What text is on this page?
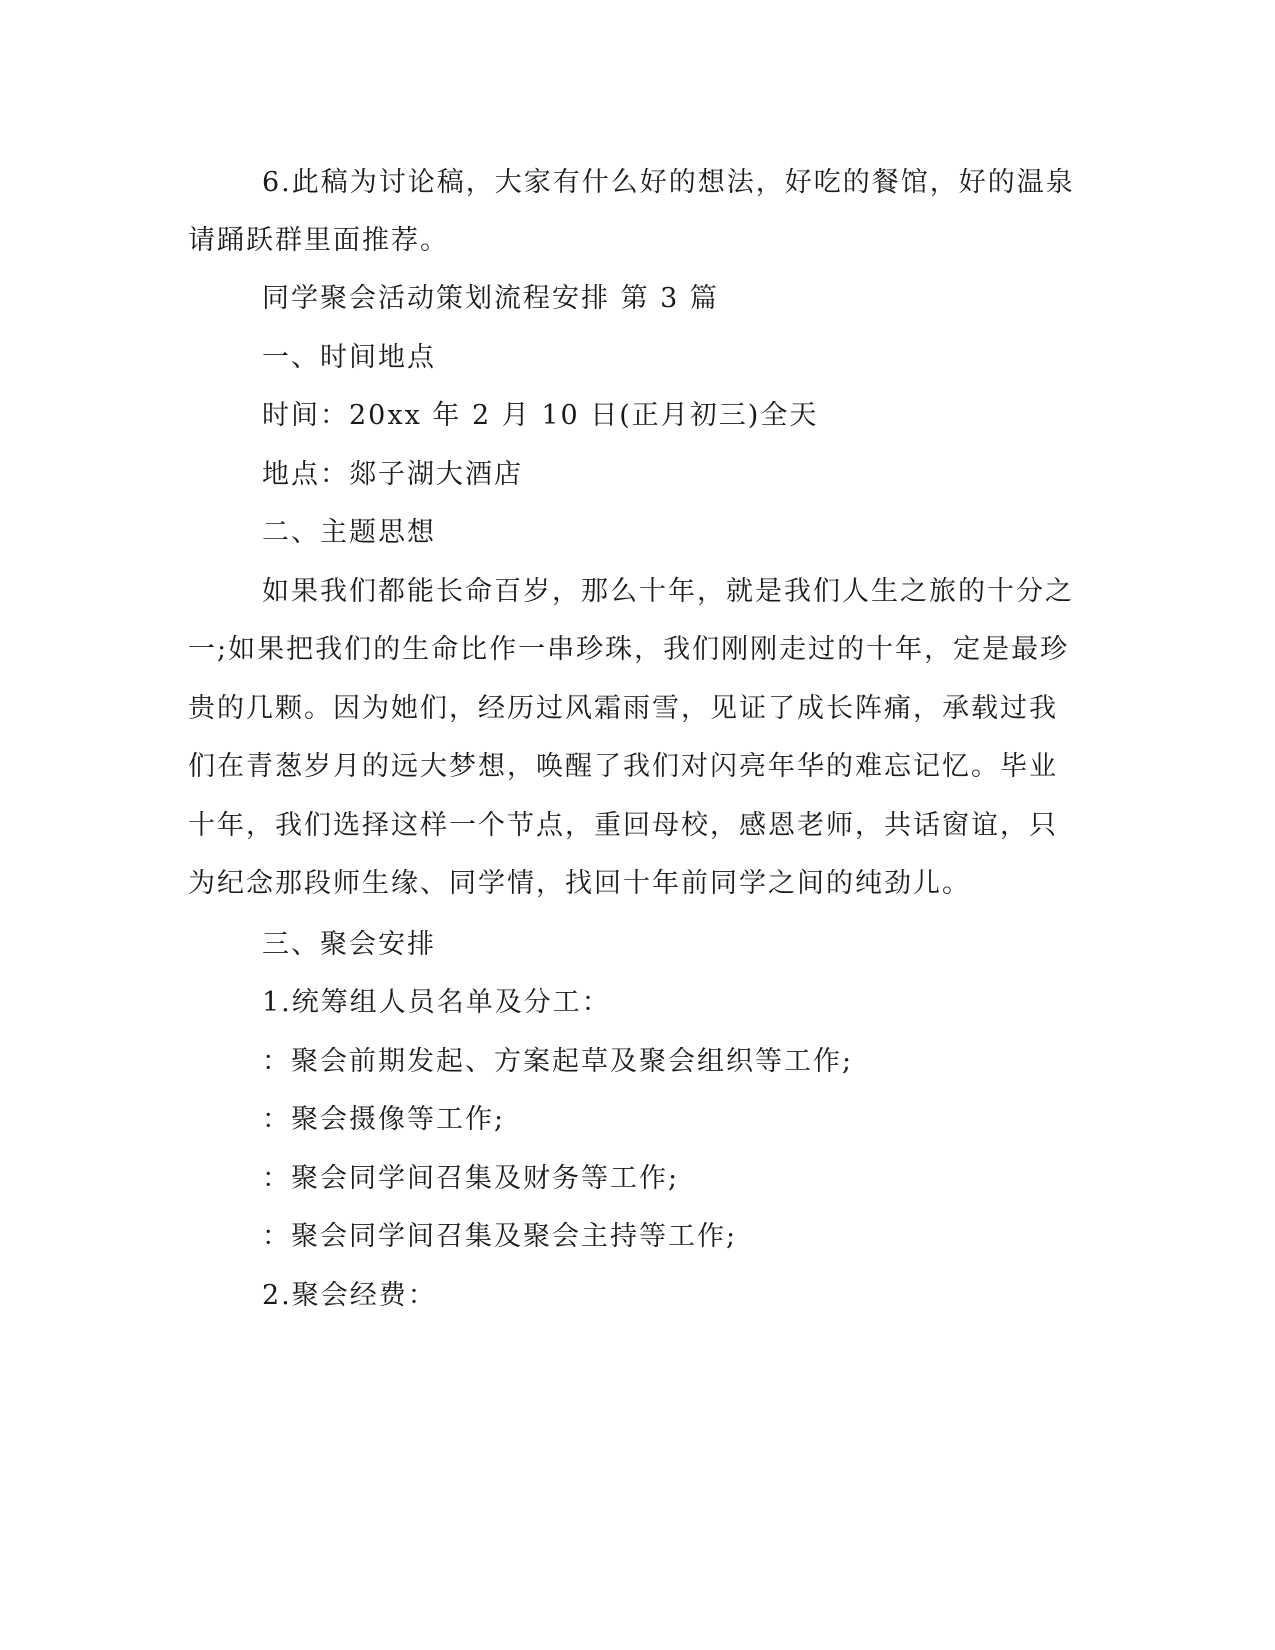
6.此稿为讨论稿，大家有什么好的想法，好吃的餐馆，好的温泉
请踊跃群里面推荐。
同学聚会活动策划流程安排 第 3 篇
一、时间地点
时间：20xx 年 2 月 10 日(正月初三)全天
地点：郯子湖大酒店
二、主题思想
如果我们都能长命百岁，那么十年，就是我们人生之旅的十分之
一;如果把我们的生命比作一串珍珠，我们刚刚走过的十年，定是最珍
贵的几颗。因为她们，经历过风霜雨雪，见证了成长阵痛，承载过我
们在青葱岁月的远大梦想，唤醒了我们对闪亮年华的难忘记忆。毕业
十年，我们选择这样一个节点，重回母校，感恩老师，共话窗谊，只
为纪念那段师生缘、同学情，找回十年前同学之间的纯劲儿。
三、聚会安排
1.统筹组人员名单及分工：
：聚会前期发起、方案起草及聚会组织等工作;
：聚会摄像等工作;
：聚会同学间召集及财务等工作;
：聚会同学间召集及聚会主持等工作;
2.聚会经费：
